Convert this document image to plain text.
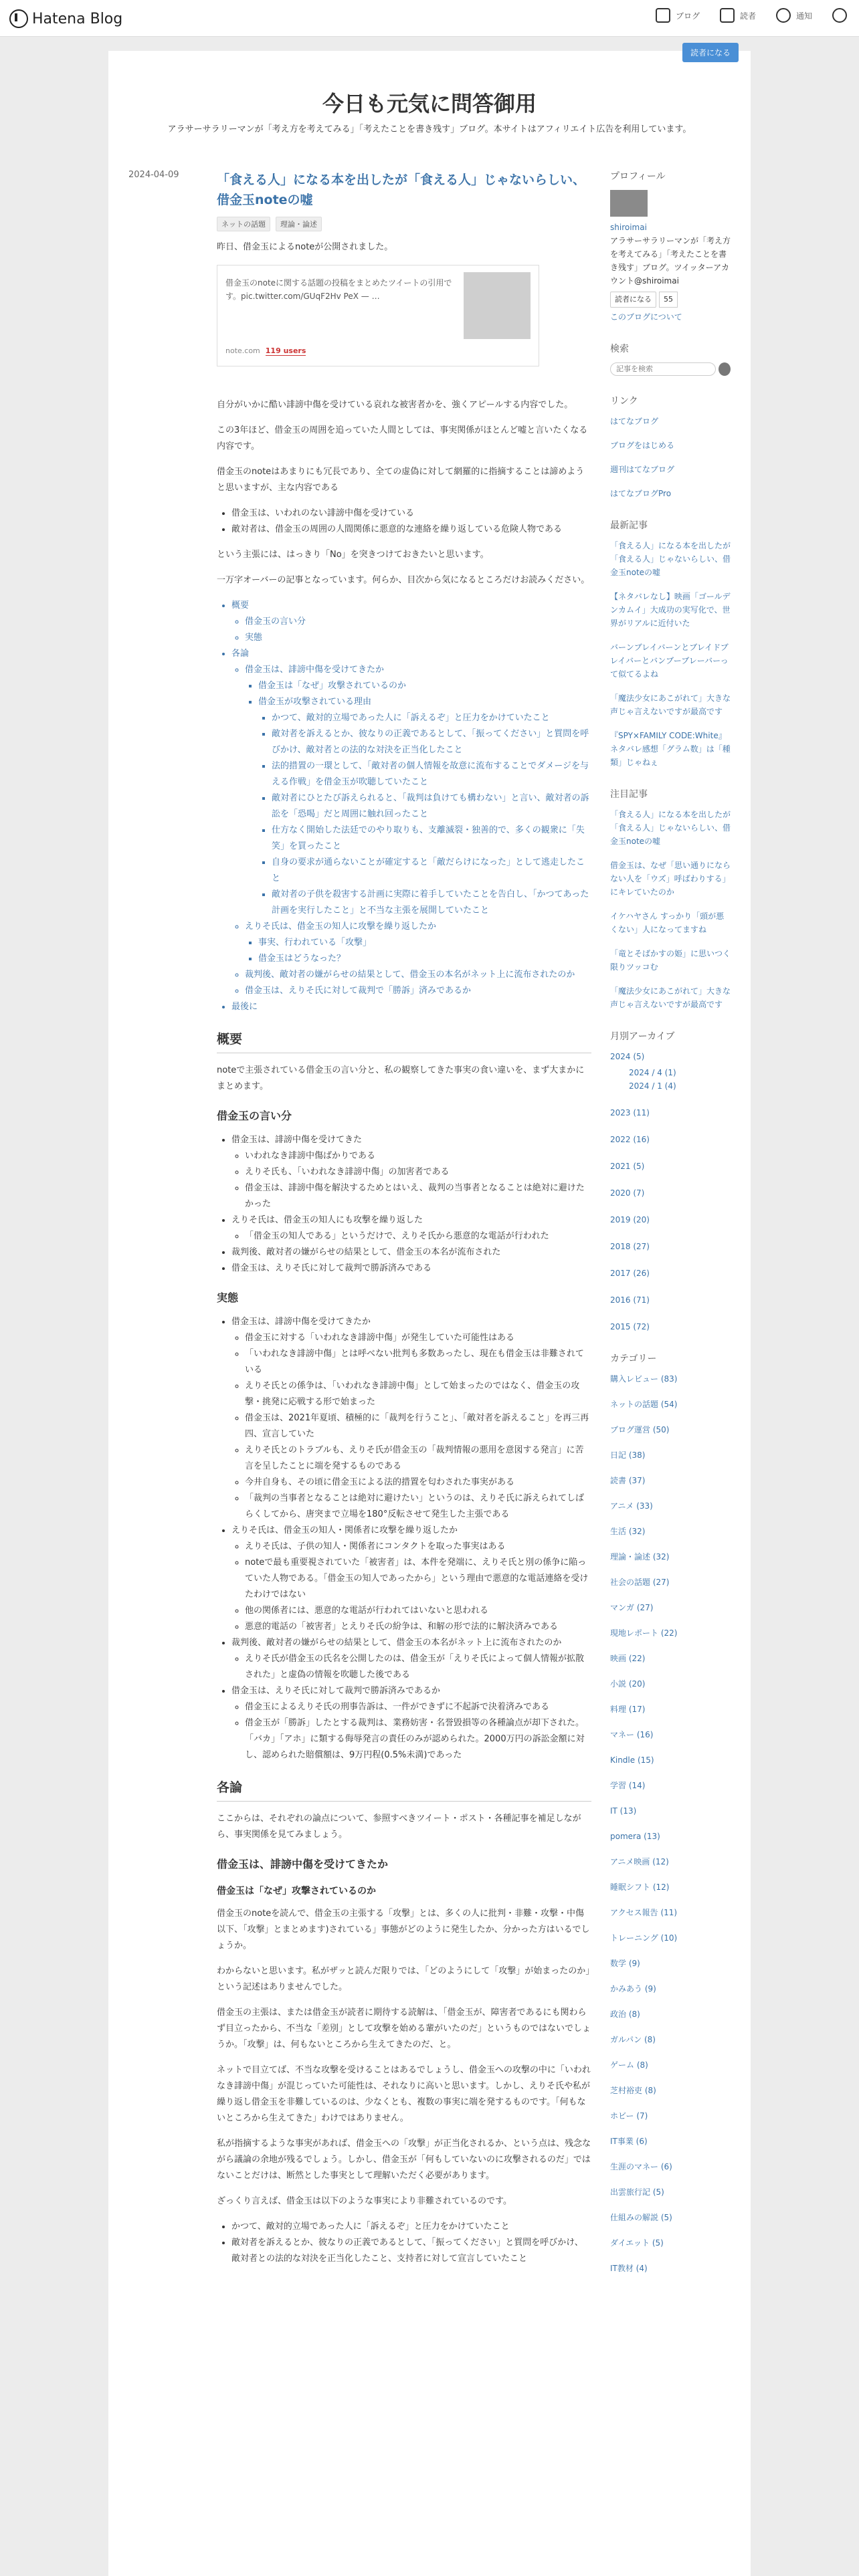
Hatena Blog	ブログ	読者	通知
読者になる
今日も元気に問答御用
アラサーサラリーマンが「考え方を考えてみる」「考えたことを書き残す」ブログ。本サイトはアフィリエイト広告を利用しています。
2024-04-09	「食える人」になる本を出したが「食える人」じゃないらしい、借金玉noteの嘘
ネットの話題	理論・論述

昨日、借金玉によるnoteが公開されました。

借金玉のnoteに関する話題の投稿をまとめたツイートの引用です。pic.twitter.com/GUqF2Hv PeX — …
note.com 119 users

自分がいかに酷い誹謗中傷を受けている哀れな被害者かを、強くアピールする内容でした。

この3年ほど、借金玉の周囲を追っていた人間としては、事実関係がほとんど嘘と言いたくなる内容です。

借金玉のnoteはあまりにも冗長であり、全ての虚偽に対して網羅的に指摘することは諦めようと思いますが、主な内容である

• 借金玉は、いわれのない誹謗中傷を受けている
• 敵対者は、借金玉の周囲の人間関係に悪意的な連絡を繰り返している危険人物である

という主張には、はっきり「No」を突きつけておきたいと思います。

一万字オーバーの記事となっています。何らか、目次から気になるところだけお読みください。

• 概要
◦ 借金玉の言い分
◦ 実態
• 各論
◦ 借金玉は、誹謗中傷を受けてきたか
▪ 借金玉は「なぜ」攻撃されているのか
▪ 借金玉が攻撃されている理由
▪ かつて、敵対的立場であった人に「訴えるぞ」と圧力をかけていたこと
▪ 敵対者を訴えるとか、彼なりの正義であるとして、「振ってください」と質問を呼びかけ、敵対者との法的な対決を正当化したこと
▪ 法的措置の一環として、「敵対者の個人情報を故意に流布することでダメージを与える作戦」を借金玉が吹聴していたこと
▪ 敵対者にひとたび訴えられると、「裁判は負けても構わない」と言い、敵対者の訴訟を「恐喝」だと周囲に触れ回ったこと
▪ 仕方なく開始した法廷でのやり取りも、支離滅裂・独善的で、多くの観衆に「失笑」を買ったこと
▪ 自身の要求が通らないことが確定すると「敵だらけになった」として逃走したこと
▪ 敵対者の子供を殺害する計画に実際に着手していたことを告白し、「かつてあった計画を実行したこと」と不当な主張を展開していたこと
◦ えりそ氏は、借金玉の知人に攻撃を繰り返したか
▪ 事実、行われている「攻撃」
▪ 借金玉はどうなった？
◦ 裁判後、敵対者の嫌がらせの結果として、借金玉の本名がネット上に流布されたのか
◦ 借金玉は、えりそ氏に対して裁判で「勝訴」済みであるか
• 最後に
概要

noteで主張されている借金玉の言い分と、私の観察してきた事実の食い違いを、まず大まかにまとめます。

借金玉の言い分
• 借金玉は、誹謗中傷を受けてきた
◦ いわれなき誹謗中傷ばかりである
◦ えりそ氏も、「いわれなき誹謗中傷」の加害者である
◦ 借金玉は、誹謗中傷を解決するためとはいえ、裁判の当事者となることは絶対に避けたかった
• えりそ氏は、借金玉の知人にも攻撃を繰り返した
◦ 「借金玉の知人である」というだけで、えりそ氏から悪意的な電話が行われた
• 裁判後、敵対者の嫌がらせの結果として、借金玉の本名が流布された
• 借金玉は、えりそ氏に対して裁判で勝訴済みである
実態
• 借金玉は、誹謗中傷を受けてきたか
◦ 借金玉に対する「いわれなき誹謗中傷」が発生していた可能性はある
◦ 「いわれなき誹謗中傷」とは呼べない批判も多数あったし、現在も借金玉は非難されている
◦ えりそ氏との係争は、「いわれなき誹謗中傷」として始まったのではなく、借金玉の攻撃・挑発に応戦する形で始まった
◦ 借金玉は、2021年夏頃、積極的に「裁判を行うこと」、「敵対者を訴えること」を再三再四、宣言していた
◦ えりそ氏とのトラブルも、えりそ氏が借金玉の「裁判情報の悪用を意図する発言」に苦言を呈したことに端を発するものである
◦ 今井自身も、その頃に借金玉による法的措置を匂わされた事実がある
◦ 「裁判の当事者となることは絶対に避けたい」というのは、えりそ氏に訴えられてしばらくしてから、唐突まで立場を180°反転させて発生した主張である
• えりそ氏は、借金玉の知人・関係者に攻撃を繰り返したか
◦ えりそ氏は、子供の知人・関係者にコンタクトを取った事実はある
◦ noteで最も重要視されていた「被害者」は、本件を発端に、えりそ氏と別の係争に陥っていた人物である。「借金玉の知人であったから」という理由で悪意的な電話連絡を受けたわけではない
◦ 他の関係者には、悪意的な電話が行われてはいないと思われる
◦ 悪意的電話の「被害者」とえりそ氏の紛争は、和解の形で法的に解決済みである
• 裁判後、敵対者の嫌がらせの結果として、借金玉の本名がネット上に流布されたのか
◦ えりそ氏が借金玉の氏名を公開したのは、借金玉が「えりそ氏によって個人情報が拡散された」と虚偽の情報を吹聴した後である
• 借金玉は、えりそ氏に対して裁判で勝訴済みであるか
◦ 借金玉によるえりそ氏の刑事告訴は、一件ができずに不起訴で決着済みである
◦ 借金玉が「勝訴」したとする裁判は、業務妨害・名誉毀損等の各種論点が却下された。「バカ」「アホ」に類する侮辱発言の責任のみが認められた。2000万円の訴訟金額に対し、認められた賠償額は、9万円程(0.5%未満)であった
各論

ここからは、それぞれの論点について、参照すべきツイート・ポスト・各種記事を補足しながら、事実関係を見てみましょう。

借金玉は、誹謗中傷を受けてきたか
借金玉は「なぜ」攻撃されているのか

借金玉のnoteを読んで、借金玉の主張する「攻撃」とは、多くの人に批判・非難・攻撃・中傷以下、「攻撃」とまとめます)されている」事態がどのように発生したか、分かった方はいるでしょうか。

わからないと思います。私がザッと読んだ限りでは、「どのようにして「攻撃」が始まったのか」という記述はありませんでした。

借金玉の主張は、または借金玉が読者に期待する読解は、「借金玉が、障害者であるにも関わらず目立ったから、不当な「差別」として攻撃を始める輩がいたのだ」というものではないでしょうか。「攻撃」は、何もないところから生えてきたのだ、と。

ネットで目立てば、不当な攻撃を受けることはあるでしょうし、借金玉への攻撃の中に「いわれなき誹謗中傷」が混じっていた可能性は、それなりに高いと思います。しかし、えりそ氏や私が繰り返し借金玉を非難しているのは、少なくとも、複数の事実に端を発するものです。「何もないところから生えてきた」わけではありません。

私が指摘するような事実があれば、借金玉への「攻撃」が正当化されるか、という点は、残念ながら議論の余地が残るでしょう。しかし、借金玉が「何もしていないのに攻撃されるのだ」ではないことだけは、断然とした事実として理解いただく必要があります。

ざっくり言えば、借金玉は以下のような事実により非難されているのです。

• かつて、敵対的立場であった人に「訴えるぞ」と圧力をかけていたこと
• 敵対者を訴えるとか、彼なりの正義であるとして、「振ってください」と質問を呼びかけ、敵対者との法的な対決を正当化したこと、支持者に対して宣言していたこと
プロフィール
shiroimai
アラサーサラリーマンが「考え方を考えてみる」「考えたことを書き残す」ブログ。ツイッターアカウント@shiroimai
読者になる 55
このブログについて
検索
記事を検索
リンク
はてなブログ
ブログをはじめる
週刊はてなブログ
はてなブログPro
最新記事
「食える人」になる本を出したが「食える人」じゃないらしい、借金玉noteの嘘
【ネタバレなし】映画「ゴールデンカムイ」大成功の実写化で、世界がリアルに近付いた
バーンブレイバーンとブレイドブレイバーとバンブーブレーバーって似てるよね
「魔法少女にあこがれて」大きな声じゃ言えないですが最高です
『SPY×FAMILY CODE:White』ネタバレ感想「グラム数」は「種類」じゃねぇ
注目記事
「食える人」になる本を出したが「食える人」じゃないらしい、借金玉noteの嘘
借金玉は、なぜ「思い通りにならない人を「ウズ」呼ばわりする」にキレていたのか
イケハヤさん すっかり「頭が悪くない」人になってますね
「竜とそばかすの姫」に思いつく限りツッコむ
「魔法少女にあこがれて」大きな声じゃ言えないですが最高です
月別アーカイブ
2024 (5)
2024 / 4 (1)
2024 / 1 (4)
2023 (11)
2022 (16)
2021 (5)
2020 (7)
2019 (20)
2018 (27)
2017 (26)
2016 (71)
2015 (72)
カテゴリー
購入レビュー (83)
ネットの話題 (54)
ブログ運営 (50)
日記 (38)
読書 (37)
アニメ (33)
生活 (32)
理論・論述 (32)
社会の話題 (27)
マンガ (27)
現地レポート (22)
映画 (22)
小説 (20)
料理 (17)
マネー (16)
Kindle (15)
学習 (14)
IT (13)
pomera (13)
アニメ映画 (12)
睡眠シフト (12)
アクセス報告 (11)
トレーニング (10)
数学 (9)
かみあう (9)
政治 (8)
ガルパン (8)
ゲーム (8)
芝村裕吏 (8)
ホビー (7)
IT事業 (6)
生涯のマネー (6)
出雲旅行記 (5)
仕組みの解説 (5)
ダイエット (5)
IT教材 (4)
